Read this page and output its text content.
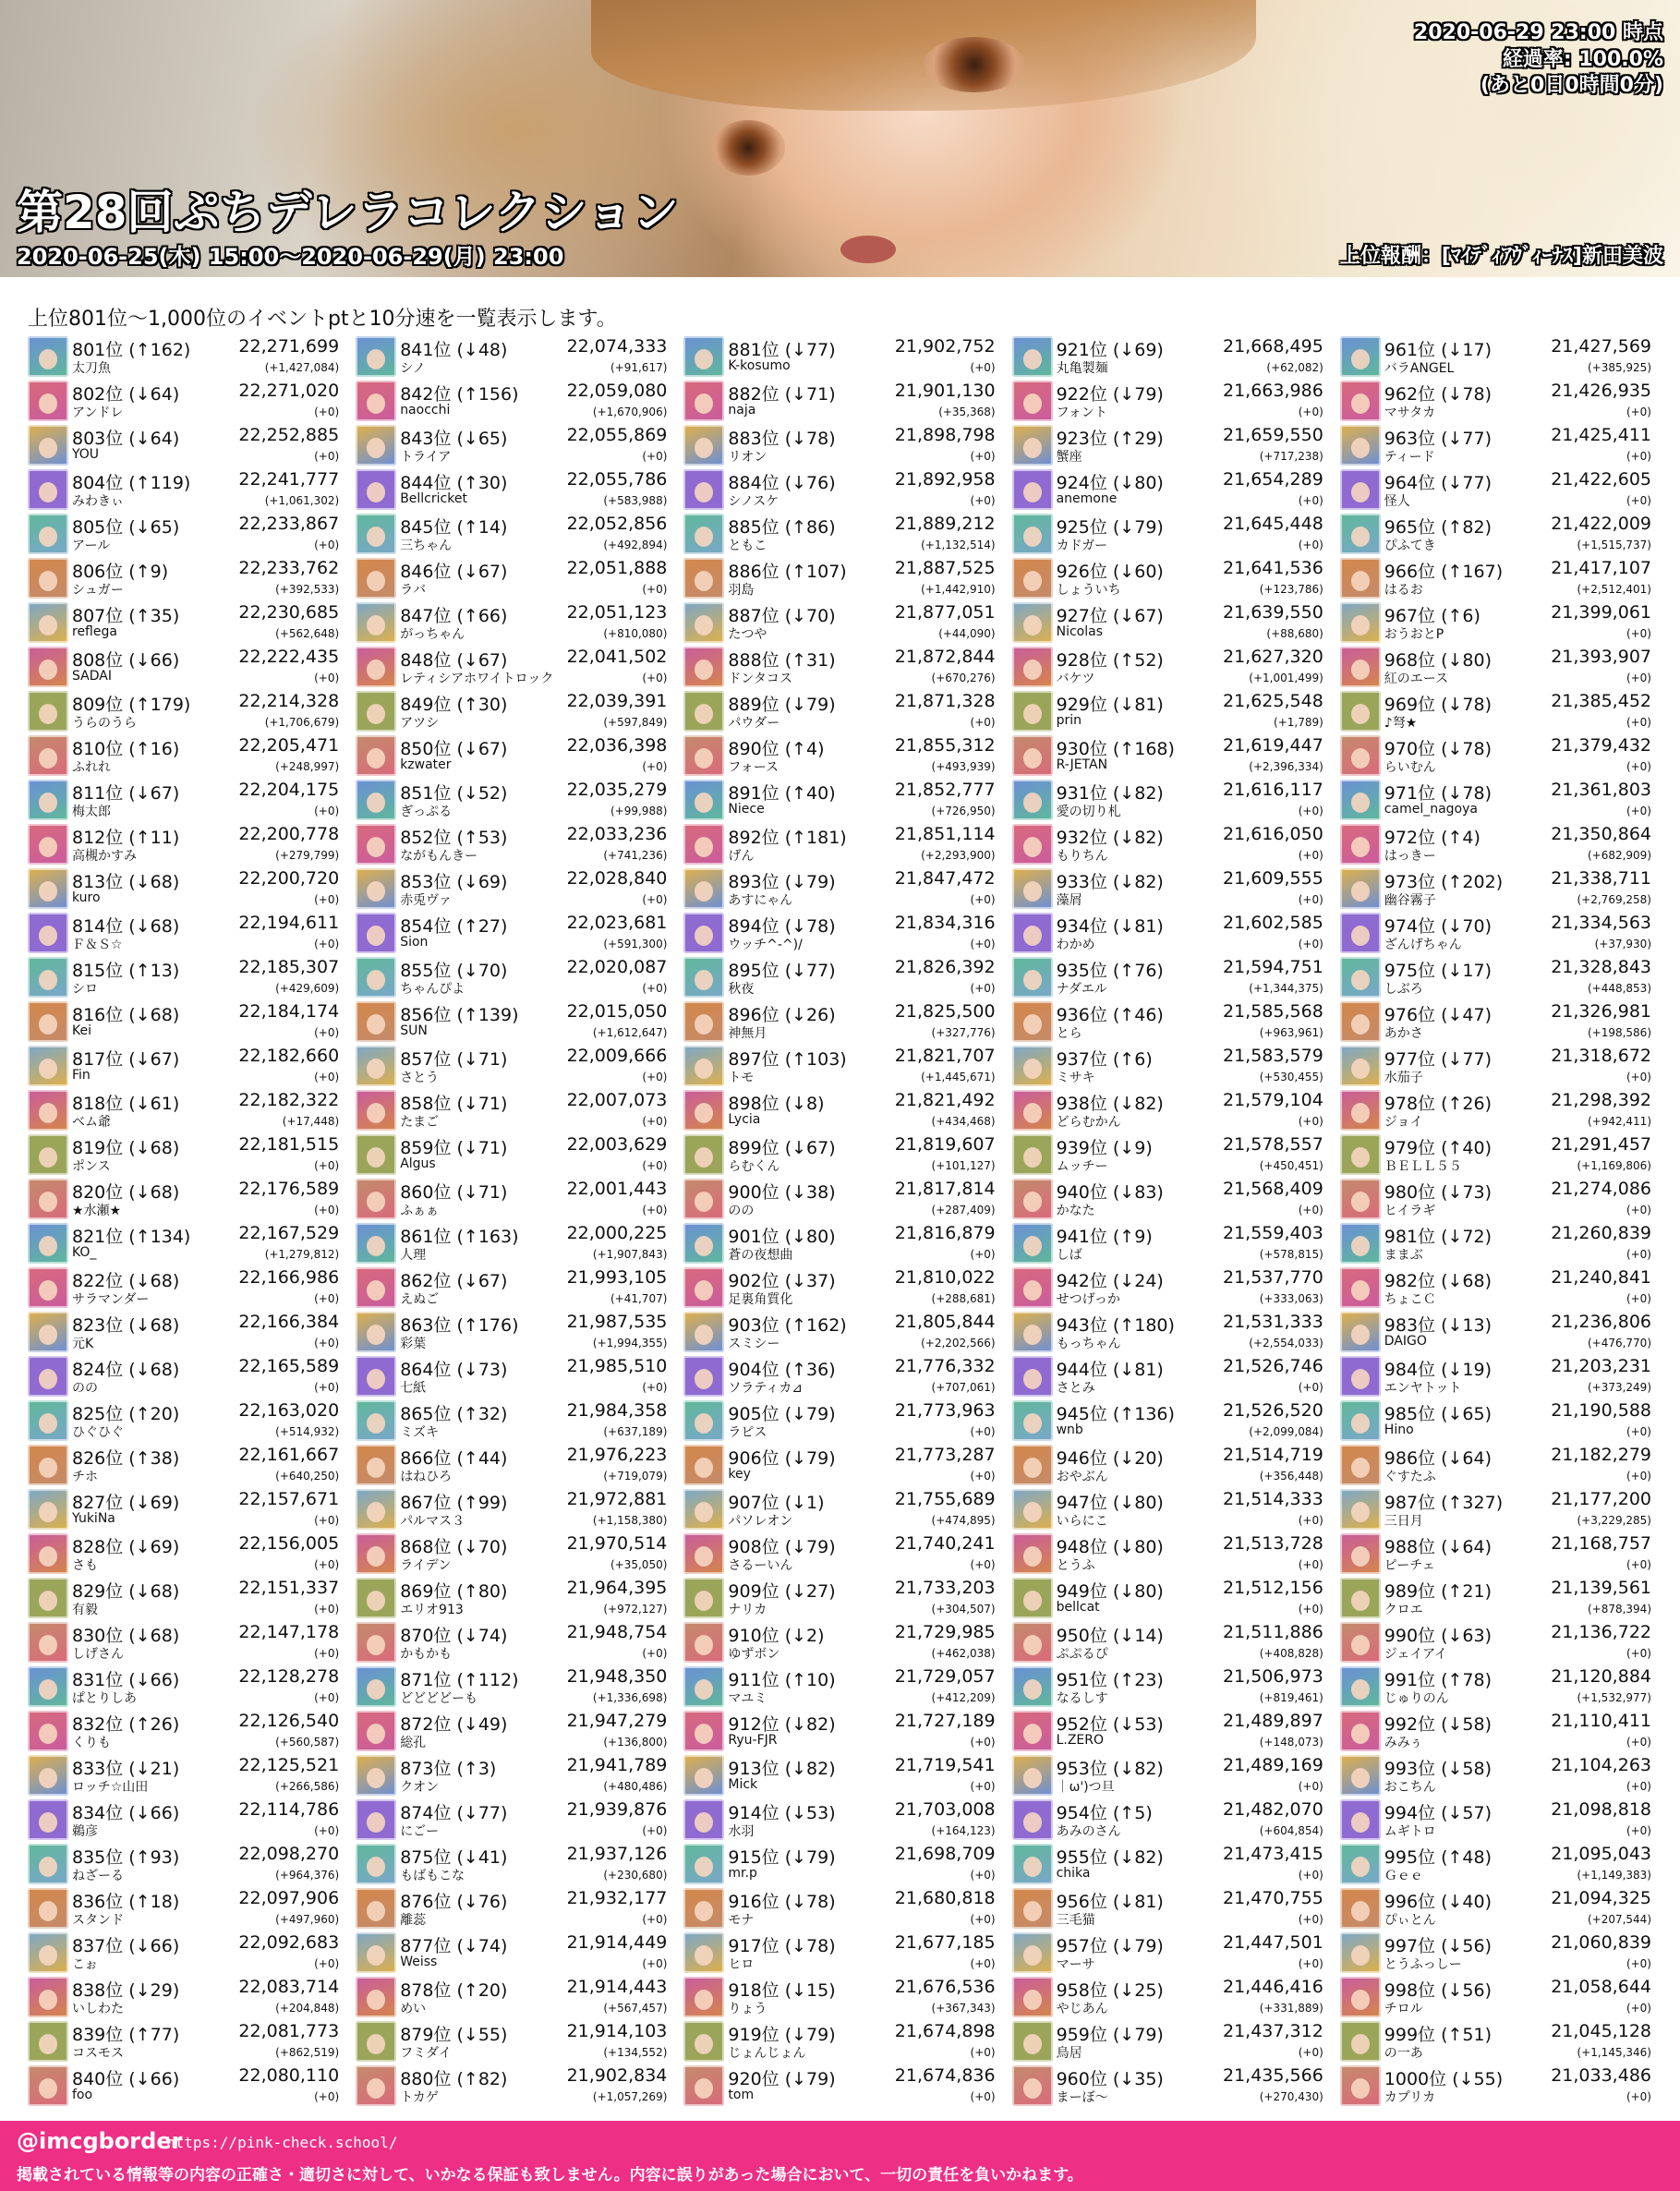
2020-06-29 23:00 時点
経過率: 100.0%
(あと0日0時間0分)
第28回ぷちデレラコレクション
2020-06-25(木) 15:00～2020-06-29(月) 23:00	上位報酬：[ﾏｲﾃﾞｨｱｳﾞｨｰﾅｽ]新田美波
上位801位～1,000位のイベントptと10分速を一覧表示します。
801位 (↑162)
太刀魚
22,271,699
(+1,427,084)
802位 (↓64)
アンドレ
22,271,020
(+0)
803位 (↓64)
YOU
22,252,885
(+0)
804位 (↑119)
みわきぃ
22,241,777
(+1,061,302)
805位 (↓65)
アール
22,233,867
(+0)
806位 (↑9)
シュガー
22,233,762
(+392,533)
807位 (↑35)
reflega
22,230,685
(+562,648)
808位 (↓66)
SADAI
22,222,435
(+0)
809位 (↑179)
うらのうら
22,214,328
(+1,706,679)
810位 (↑16)
ふれれ
22,205,471
(+248,997)
811位 (↓67)
梅太郎
22,204,175
(+0)
812位 (↑11)
高槻かすみ
22,200,778
(+279,799)
813位 (↓68)
kuro
22,200,720
(+0)
814位 (↓68)
Ｆ＆Ｓ☆
22,194,611
(+0)
815位 (↑13)
シロ
22,185,307
(+429,609)
816位 (↓68)
Kei
22,184,174
(+0)
817位 (↓67)
Fin
22,182,660
(+0)
818位 (↓61)
ベム爺
22,182,322
(+17,448)
819位 (↓68)
ポンス
22,181,515
(+0)
820位 (↓68)
★水瀬★
22,176,589
(+0)
821位 (↑134)
KO_
22,167,529
(+1,279,812)
822位 (↓68)
サラマンダー
22,166,986
(+0)
823位 (↓68)
元K
22,166,384
(+0)
824位 (↓68)
のの
22,165,589
(+0)
825位 (↑20)
ひぐひぐ
22,163,020
(+514,932)
826位 (↑38)
チホ
22,161,667
(+640,250)
827位 (↓69)
YukiNa
22,157,671
(+0)
828位 (↓69)
さも
22,156,005
(+0)
829位 (↓68)
有毅
22,151,337
(+0)
830位 (↓68)
しげさん
22,147,178
(+0)
831位 (↓66)
ぱとりしあ
22,128,278
(+0)
832位 (↑26)
くりも
22,126,540
(+560,587)
833位 (↓21)
ロッチ☆山田
22,125,521
(+266,586)
834位 (↓66)
鵜彦
22,114,786
(+0)
835位 (↑93)
ねざーる
22,098,270
(+964,376)
836位 (↑18)
スタンド
22,097,906
(+497,960)
837位 (↓66)
こぉ
22,092,683
(+0)
838位 (↓29)
いしわた
22,083,714
(+204,848)
839位 (↑77)
コスモス
22,081,773
(+862,519)
840位 (↓66)
foo
22,080,110
(+0)
841位 (↓48)
シノ
22,074,333
(+91,617)
842位 (↑156)
naocchi
22,059,080
(+1,670,906)
843位 (↓65)
トライア
22,055,869
(+0)
844位 (↑30)
Bellcricket
22,055,786
(+583,988)
845位 (↑14)
三ちゃん
22,052,856
(+492,894)
846位 (↓67)
ラバ
22,051,888
(+0)
847位 (↑66)
がっちゃん
22,051,123
(+810,080)
848位 (↓67)
レティシアホワイトロック
22,041,502
(+0)
849位 (↑30)
アツシ
22,039,391
(+597,849)
850位 (↓67)
kzwater
22,036,398
(+0)
851位 (↓52)
ぎっぷる
22,035,279
(+99,988)
852位 (↑53)
ながもんきー
22,033,236
(+741,236)
853位 (↓69)
赤兎ヴァ
22,028,840
(+0)
854位 (↑27)
Sion
22,023,681
(+591,300)
855位 (↓70)
ちゃんぴよ
22,020,087
(+0)
856位 (↑139)
SUN
22,015,050
(+1,612,647)
857位 (↓71)
さとう
22,009,666
(+0)
858位 (↓71)
たまご
22,007,073
(+0)
859位 (↓71)
Algus
22,003,629
(+0)
860位 (↓71)
ふぁぁ
22,001,443
(+0)
861位 (↑163)
人理
22,000,225
(+1,907,843)
862位 (↓67)
えぬご
21,993,105
(+41,707)
863位 (↑176)
彩葉
21,987,535
(+1,994,355)
864位 (↓73)
七紙
21,985,510
(+0)
865位 (↑32)
ミズキ
21,984,358
(+637,189)
866位 (↑44)
はねひろ
21,976,223
(+719,079)
867位 (↑99)
パルマス３
21,972,881
(+1,158,380)
868位 (↓70)
ライデン
21,970,514
(+35,050)
869位 (↑80)
エリオ913
21,964,395
(+972,127)
870位 (↓74)
かもかも
21,948,754
(+0)
871位 (↑112)
どどどどーも
21,948,350
(+1,336,698)
872位 (↓49)
総孔
21,947,279
(+136,800)
873位 (↑3)
クオン
21,941,789
(+480,486)
874位 (↓77)
にごー
21,939,876
(+0)
875位 (↓41)
もばもこな
21,937,126
(+230,680)
876位 (↓76)
離蕊
21,932,177
(+0)
877位 (↓74)
Weiss
21,914,449
(+0)
878位 (↑20)
めい
21,914,443
(+567,457)
879位 (↓55)
フミダイ
21,914,103
(+134,552)
880位 (↑82)
トカゲ
21,902,834
(+1,057,269)
881位 (↓77)
K-kosumo
21,902,752
(+0)
882位 (↓71)
naja
21,901,130
(+35,368)
883位 (↓78)
リオン
21,898,798
(+0)
884位 (↓76)
シノスケ
21,892,958
(+0)
885位 (↑86)
ともこ
21,889,212
(+1,132,514)
886位 (↑107)
羽島
21,887,525
(+1,442,910)
887位 (↓70)
たつや
21,877,051
(+44,090)
888位 (↑31)
ドンタコス
21,872,844
(+670,276)
889位 (↓79)
パウダー
21,871,328
(+0)
890位 (↑4)
フォース
21,855,312
(+493,939)
891位 (↑40)
Niece
21,852,777
(+726,950)
892位 (↑181)
げん
21,851,114
(+2,293,900)
893位 (↓79)
あすにゃん
21,847,472
(+0)
894位 (↓78)
ウッチ^-^)/
21,834,316
(+0)
895位 (↓77)
秋夜
21,826,392
(+0)
896位 (↓26)
神無月
21,825,500
(+327,776)
897位 (↑103)
トモ
21,821,707
(+1,445,671)
898位 (↓8)
Lycia
21,821,492
(+434,468)
899位 (↓67)
らむくん
21,819,607
(+101,127)
900位 (↓38)
のの
21,817,814
(+287,409)
901位 (↓80)
蒼の夜想曲
21,816,879
(+0)
902位 (↓37)
足裏角質化
21,810,022
(+288,681)
903位 (↑162)
スミシー
21,805,844
(+2,202,566)
904位 (↑36)
ソラティカ⊿
21,776,332
(+707,061)
905位 (↓79)
ラピス
21,773,963
(+0)
906位 (↓79)
key
21,773,287
(+0)
907位 (↓1)
パソレオン
21,755,689
(+474,895)
908位 (↓79)
さるーいん
21,740,241
(+0)
909位 (↓27)
ナリカ
21,733,203
(+304,507)
910位 (↓2)
ゆずボン
21,729,985
(+462,038)
911位 (↑10)
マユミ
21,729,057
(+412,209)
912位 (↓82)
Ryu-FJR
21,727,189
(+0)
913位 (↓82)
Mick
21,719,541
(+0)
914位 (↓53)
水羽
21,703,008
(+164,123)
915位 (↓79)
mr.p
21,698,709
(+0)
916位 (↓78)
モナ
21,680,818
(+0)
917位 (↓78)
ヒロ
21,677,185
(+0)
918位 (↓15)
りょう
21,676,536
(+367,343)
919位 (↓79)
じょんじょん
21,674,898
(+0)
920位 (↓79)
tom
21,674,836
(+0)
921位 (↓69)
丸亀製麺
21,668,495
(+62,082)
922位 (↓79)
フォント
21,663,986
(+0)
923位 (↑29)
蟹座
21,659,550
(+717,238)
924位 (↓80)
anemone
21,654,289
(+0)
925位 (↓79)
カドガー
21,645,448
(+0)
926位 (↓60)
しょういち
21,641,536
(+123,786)
927位 (↓67)
Nicolas
21,639,550
(+88,680)
928位 (↑52)
バケツ
21,627,320
(+1,001,499)
929位 (↓81)
prin
21,625,548
(+1,789)
930位 (↑168)
R-JETAN
21,619,447
(+2,396,334)
931位 (↓82)
愛の切り札
21,616,117
(+0)
932位 (↓82)
もりちん
21,616,050
(+0)
933位 (↓82)
藻屑
21,609,555
(+0)
934位 (↓81)
わかめ
21,602,585
(+0)
935位 (↑76)
ナダエル
21,594,751
(+1,344,375)
936位 (↑46)
とら
21,585,568
(+963,961)
937位 (↑6)
ミサキ
21,583,579
(+530,455)
938位 (↓82)
どらむかん
21,579,104
(+0)
939位 (↓9)
ムッチー
21,578,557
(+450,451)
940位 (↓83)
かなた
21,568,409
(+0)
941位 (↑9)
しば
21,559,403
(+578,815)
942位 (↓24)
せつげっか
21,537,770
(+333,063)
943位 (↑180)
もっちゃん
21,531,333
(+2,554,033)
944位 (↓81)
さとみ
21,526,746
(+0)
945位 (↑136)
wnb
21,526,520
(+2,099,084)
946位 (↓20)
おやぶん
21,514,719
(+356,448)
947位 (↓80)
いらにこ
21,514,333
(+0)
948位 (↓80)
とうふ
21,513,728
(+0)
949位 (↓80)
bellcat
21,512,156
(+0)
950位 (↓14)
ぷぷるぴ
21,511,886
(+408,828)
951位 (↑23)
なるしす
21,506,973
(+819,461)
952位 (↓53)
L.ZERO
21,489,897
(+148,073)
953位 (↓82)
｜ω')つ旦
21,489,169
(+0)
954位 (↑5)
あみのさん
21,482,070
(+604,854)
955位 (↓82)
chika
21,473,415
(+0)
956位 (↓81)
三毛猫
21,470,755
(+0)
957位 (↓79)
マーサ
21,447,501
(+0)
958位 (↓25)
やじあん
21,446,416
(+331,889)
959位 (↓79)
鳥居
21,437,312
(+0)
960位 (↓35)
まーぼ～
21,435,566
(+270,430)
961位 (↓17)
バラANGEL
21,427,569
(+385,925)
962位 (↓78)
マサタカ
21,426,935
(+0)
963位 (↓77)
ティード
21,425,411
(+0)
964位 (↓77)
怪人
21,422,605
(+0)
965位 (↑82)
ぴふてき
21,422,009
(+1,515,737)
966位 (↑167)
はるお
21,417,107
(+2,512,401)
967位 (↑6)
おうおとP
21,399,061
(+0)
968位 (↓80)
紅のエース
21,393,907
(+0)
969位 (↓78)
♪弩★
21,385,452
(+0)
970位 (↓78)
らいむん
21,379,432
(+0)
971位 (↓78)
camel_nagoya
21,361,803
(+0)
972位 (↑4)
はっきー
21,350,864
(+682,909)
973位 (↑202)
幽谷霧子
21,338,711
(+2,769,258)
974位 (↓70)
ざんげちゃん
21,334,563
(+37,930)
975位 (↓17)
しぶろ
21,328,843
(+448,853)
976位 (↓47)
あかさ
21,326,981
(+198,586)
977位 (↓77)
水茄子
21,318,672
(+0)
978位 (↑26)
ジョイ
21,298,392
(+942,411)
979位 (↑40)
ＢＥＬＬ５５
21,291,457
(+1,169,806)
980位 (↓73)
ヒイラギ
21,274,086
(+0)
981位 (↓72)
ままぶ
21,260,839
(+0)
982位 (↓68)
ちょこＣ
21,240,841
(+0)
983位 (↓13)
DAIGO
21,236,806
(+476,770)
984位 (↓19)
エンヤトット
21,203,231
(+373,249)
985位 (↓65)
Hino
21,190,588
(+0)
986位 (↓64)
ぐすたふ
21,182,279
(+0)
987位 (↑327)
三日月
21,177,200
(+3,229,285)
988位 (↓64)
ピーチェ
21,168,757
(+0)
989位 (↑21)
クロエ
21,139,561
(+878,394)
990位 (↓63)
ジェイアイ
21,136,722
(+0)
991位 (↑78)
じゅりのん
21,120,884
(+1,532,977)
992位 (↓58)
みみぅ
21,110,411
(+0)
993位 (↓58)
おこちん
21,104,263
(+0)
994位 (↓57)
ムギトロ
21,098,818
(+0)
995位 (↑48)
Ｇｅｅ
21,095,043
(+1,149,383)
996位 (↓40)
ぴぃとん
21,094,325
(+207,544)
997位 (↓56)
とうふっしー
21,060,839
(+0)
998位 (↓56)
チロル
21,058,644
(+0)
999位 (↑51)
の一あ
21,045,128
(+1,145,346)
1000位 (↓55)
カプリカ
21,033,486
(+0)
@imcgborder
https://pink-check.school/
掲載されている情報等の内容の正確さ・適切さに対して、いかなる保証も致しません。内容に誤りがあった場合において、一切の責任を負いかねます。
